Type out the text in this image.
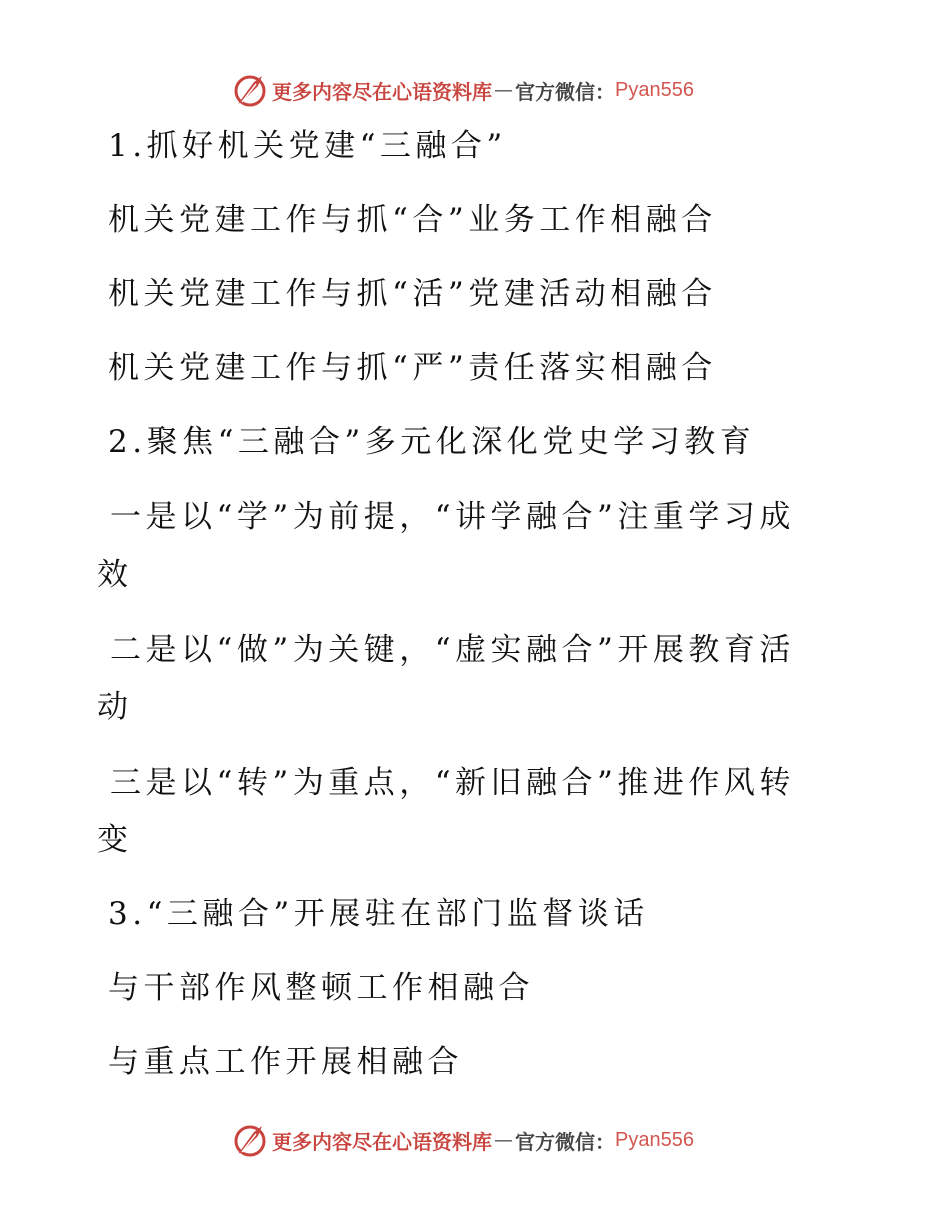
更多内容尽在心语资料库 — 官方微信： Pyan556
1.抓好机关党建“三融合”
机关党建工作与抓“合”业务工作相融合
机关党建工作与抓“活”党建活动相融合
机关党建工作与抓“严”责任落实相融合
2.聚焦“三融合”多元化深化党史学习教育
一是以“学”为前提，“讲学融合”注重学习成
效
二是以“做”为关键，“虚实融合”开展教育活
动
三是以“转”为重点，“新旧融合”推进作风转
变
3.“三融合”开展驻在部门监督谈话
与干部作风整顿工作相融合
与重点工作开展相融合
更多内容尽在心语资料库 — 官方微信： Pyan556
